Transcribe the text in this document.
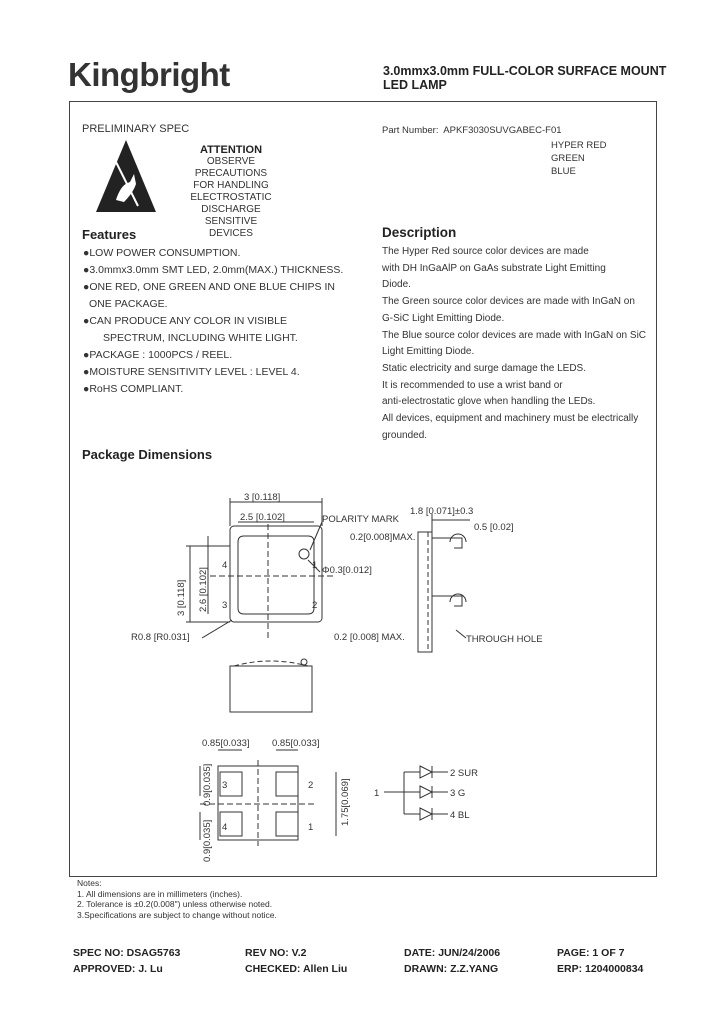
Kingbright	3.0mmx3.0mm FULL-COLOR SURFACE MOUNT
LED LAMP
PRELIMINARY SPEC
ATTENTION
OBSERVE PRECAUTIONS
FOR HANDLING
ELECTROSTATIC
DISCHARGE
SENSITIVE
DEVICES
Part Number: APKF3030SUVGABEC-F01
HYPER RED
GREEN
BLUE
Features
●LOW POWER CONSUMPTION.
●3.0mmx3.0mm SMT LED, 2.0mm(MAX.) THICKNESS.
●ONE RED, ONE GREEN AND ONE BLUE CHIPS IN
ONE PACKAGE.
●CAN PRODUCE ANY COLOR IN VISIBLE
SPECTRUM, INCLUDING WHITE LIGHT.
●PACKAGE : 1000PCS / REEL.
●MOISTURE SENSITIVITY LEVEL : LEVEL 4.
●RoHS COMPLIANT.
Description
The Hyper Red source color devices are made
with DH InGaAlP on GaAs substrate Light Emitting
Diode.
The Green source color devices are made with InGaN on
G-SiC Light Emitting Diode.
The Blue source color devices are made with InGaN on SiC
Light Emitting Diode.
Static electricity and surge damage the LEDS.
It is recommended to use a wrist band or
anti-electrostatic glove when handling the LEDs.
All devices, equipment and machinery must be electrically
grounded.
Package Dimensions
3 [0.118]
2.5 [0.102]	POLARITY MARK
Φ0.3[0.012]
3 [0.118] 2.6 [0.102]
R0.8 [R0.031]
4
3
1
2
1.8 [0.071]±0.3
0.5 [0.02]
0.2[0.008]MAX.
0.2 [0.008] MAX.	THROUGH HOLE
0.85[0.033] 0.85[0.033]
0.9[0.035]
0.9[0.035]
1.75[0.069]
3
4
2
1
1
2 SUR
3 G
4 BL
Notes:
1. All dimensions are in millimeters (inches).
2. Tolerance is ±0.2(0.008") unless otherwise noted.
3.Specifications are subject to change without notice.
SPEC NO: DSAG5763	REV NO: V.2	DATE: JUN/24/2006	PAGE: 1 OF 7
APPROVED: J. Lu	CHECKED: Allen Liu	DRAWN: Z.Z.YANG	ERP: 1204000834
